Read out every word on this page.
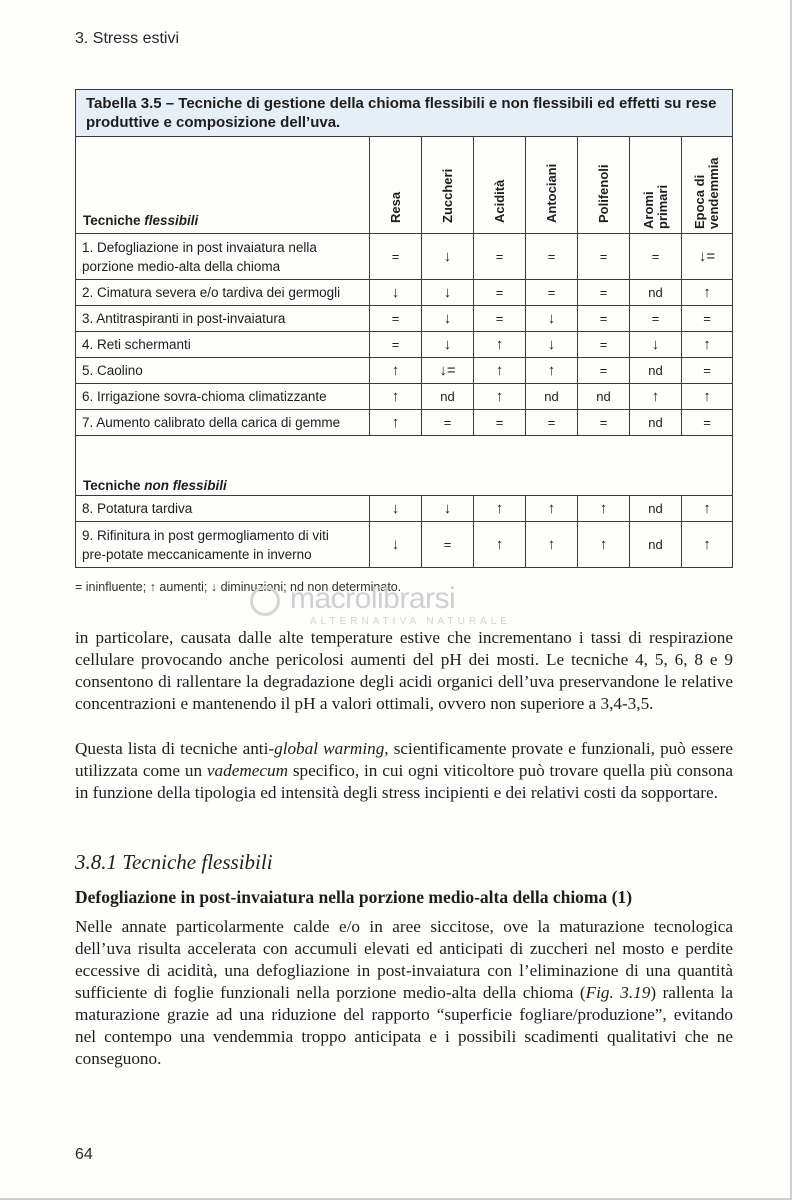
3. Stress estivi
Tabella 3.5 – Tecniche di gestione della chioma flessibili e non flessibili ed effetti su rese produttive e composizione dell’uva.							
Tecniche flessibili	Resa	Zuccheri	Acidità	Antociani	Polifenoli	Aromi
primari	Epoca di
vendemmia

1. Defogliazione in post invaiatura nella
porzione medio-alta della chioma	=	↓	=	=	=	=	↓=
2. Cimatura severa e/o tardiva dei germogli	↓	↓	=	=	=	nd	↑
3. Antitraspiranti in post-invaiatura	=	↓	=	↓	=	=	=
4. Reti schermanti	=	↓	↑	↓	=	↓	↑
5. Caolino	↑	↓=	↑	↑	=	nd	=
6. Irrigazione sovra-chioma climatizzante	↑	nd	↑	nd	nd	↑	↑
7. Aumento calibrato della carica di gemme	↑	=	=	=	=	nd	=
Tecniche non flessibili							
8. Potatura tardiva	↓	↓	↑	↑	↑	nd	↑
9. Rifinitura in post germogliamento di viti
pre-potate meccanicamente in inverno	↓	=	↑	↑	↑	nd	↑
= ininfluente; ↑ aumenti; ↓ diminuzioni; nd non determinato.
macrolibrarsi
ALTERNATIVA NATURALE

in particolare, causata dalle alte temperature estive che incrementano i tassi di respirazione cellulare provocando anche pericolosi aumenti del pH dei mosti. Le tecniche 4, 5, 6, 8 e 9 consentono di rallentare la degradazione degli acidi organici dell’uva preservandone le relative concentrazioni e mantenendo il pH a valori ottimali, ovvero non superiore a 3,4-3,5.

Questa lista di tecniche anti-global warming, scientificamente provate e funzionali, può essere utilizzata come un vademecum specifico, in cui ogni viticoltore può trovare quella più consona in funzione della tipologia ed intensità degli stress incipienti e dei relativi costi da sopportare.

3.8.1 Tecniche flessibili
Defogliazione in post-invaiatura nella porzione medio-alta della chioma (1)

Nelle annate particolarmente calde e/o in aree siccitose, ove la maturazione tecnologica dell’uva risulta accelerata con accumuli elevati ed anticipati di zuccheri nel mosto e perdite eccessive di acidità, una defogliazione in post-invaiatura con l’eliminazione di una quantità sufficiente di foglie funzionali nella porzione medio-alta della chioma (Fig. 3.19) rallenta la maturazione grazie ad una riduzione del rapporto “superficie fogliare/produzione”, evitando nel contempo una vendemmia troppo anticipata e i possibili scadimenti qualitativi che ne conseguono.

64
